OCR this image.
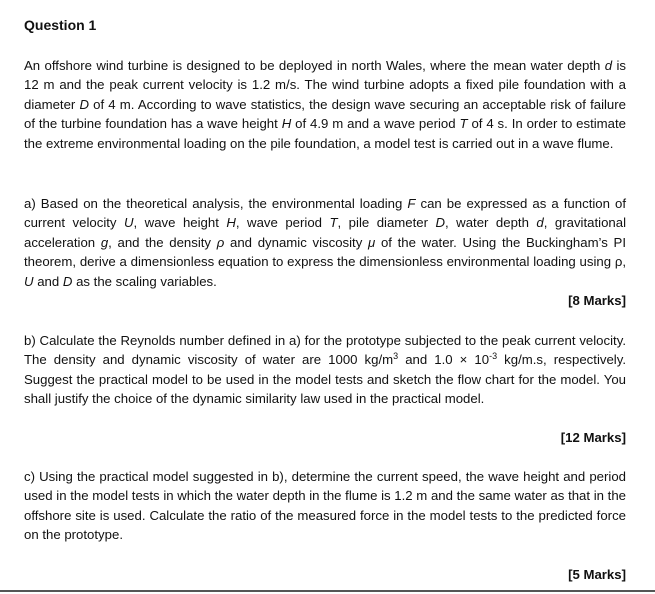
Question 1

An offshore wind turbine is designed to be deployed in north Wales, where the mean water depth d is 12 m and the peak current velocity is 1.2 m/s. The wind turbine adopts a fixed pile foundation with a diameter D of 4 m. According to wave statistics, the design wave securing an acceptable risk of failure of the turbine foundation has a wave height H of 4.9 m and a wave period T of 4 s. In order to estimate the extreme environmental loading on the pile foundation, a model test is carried out in a wave flume.

a) Based on the theoretical analysis, the environmental loading F can be expressed as a function of current velocity U, wave height H, wave period T, pile diameter D, water depth d, gravitational acceleration g, and the density ρ and dynamic viscosity μ of the water. Using the Buckingham’s PI theorem, derive a dimensionless equation to express the dimensionless environmental loading using ρ, U and D as the scaling variables.

[8 Marks]

b) Calculate the Reynolds number defined in a) for the prototype subjected to the peak current velocity. The density and dynamic viscosity of water are 1000 $kg/m^3$ and $1.0 \times 10^{-3}$ kg/m.s, respectively. Suggest the practical model to be used in the model tests and sketch the flow chart for the model. You shall justify the choice of the dynamic similarity law used in the practical model.

[12 Marks]

c) Using the practical model suggested in b), determine the current speed, the wave height and period used in the model tests in which the water depth in the flume is 1.2 m and the same water as that in the offshore site is used. Calculate the ratio of the measured force in the model tests to the predicted force on the prototype.

[5 Marks]
